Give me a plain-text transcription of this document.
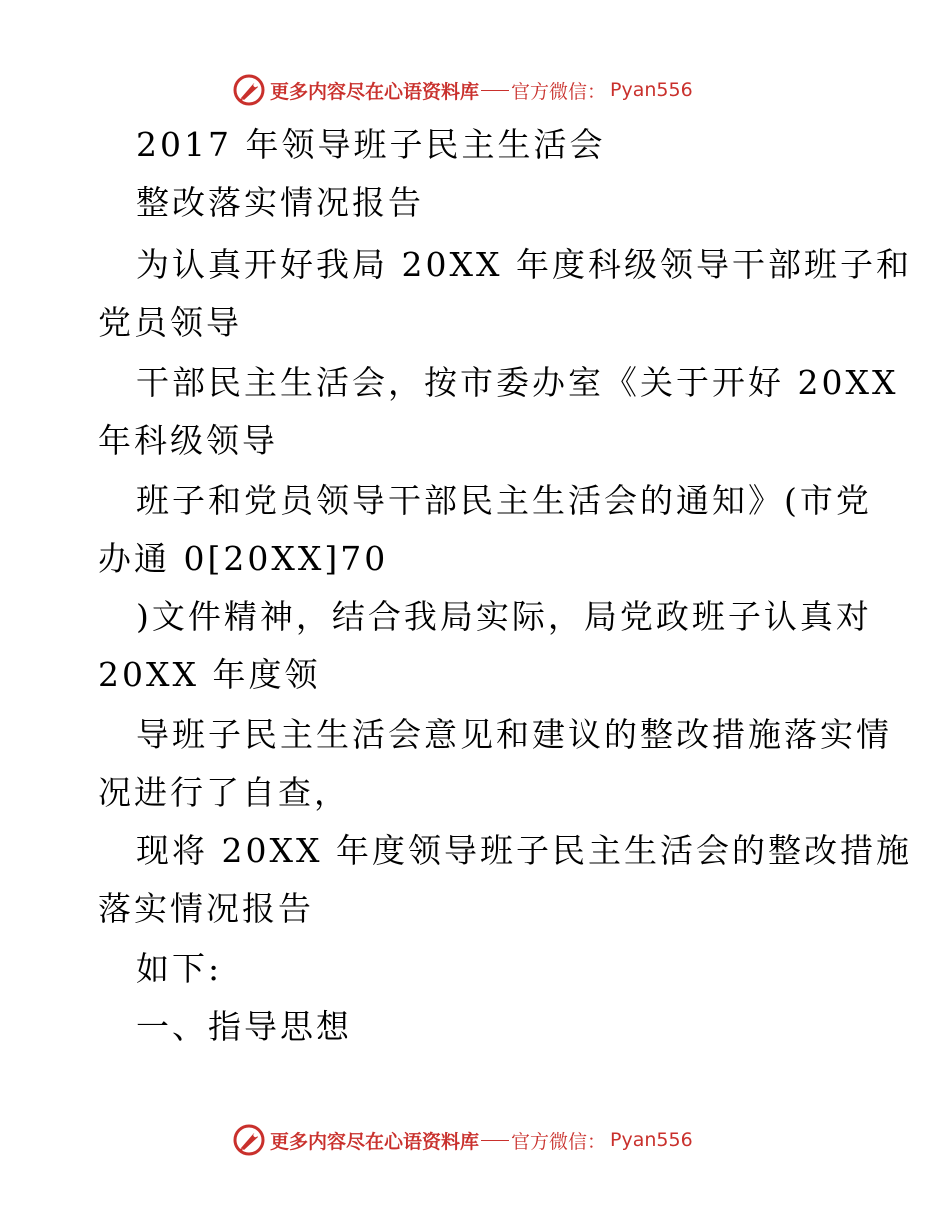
更多内容尽在心语资料库 官方微信： Pyan556
2017 年领导班子民主生活会
整改落实情况报告
为认真开好我局 20XX 年度科级领导干部班子和
党员领导
干部民主生活会，按市委办室《关于开好 20XX
年科级领导
班子和党员领导干部民主生活会的通知》(市党
办通 0[20XX]70
)文件精神，结合我局实际，局党政班子认真对
20XX 年度领
导班子民主生活会意见和建议的整改措施落实情
况进行了自查，
现将 20XX 年度领导班子民主生活会的整改措施
落实情况报告
如下:
一、指导思想
更多内容尽在心语资料库 官方微信： Pyan556
